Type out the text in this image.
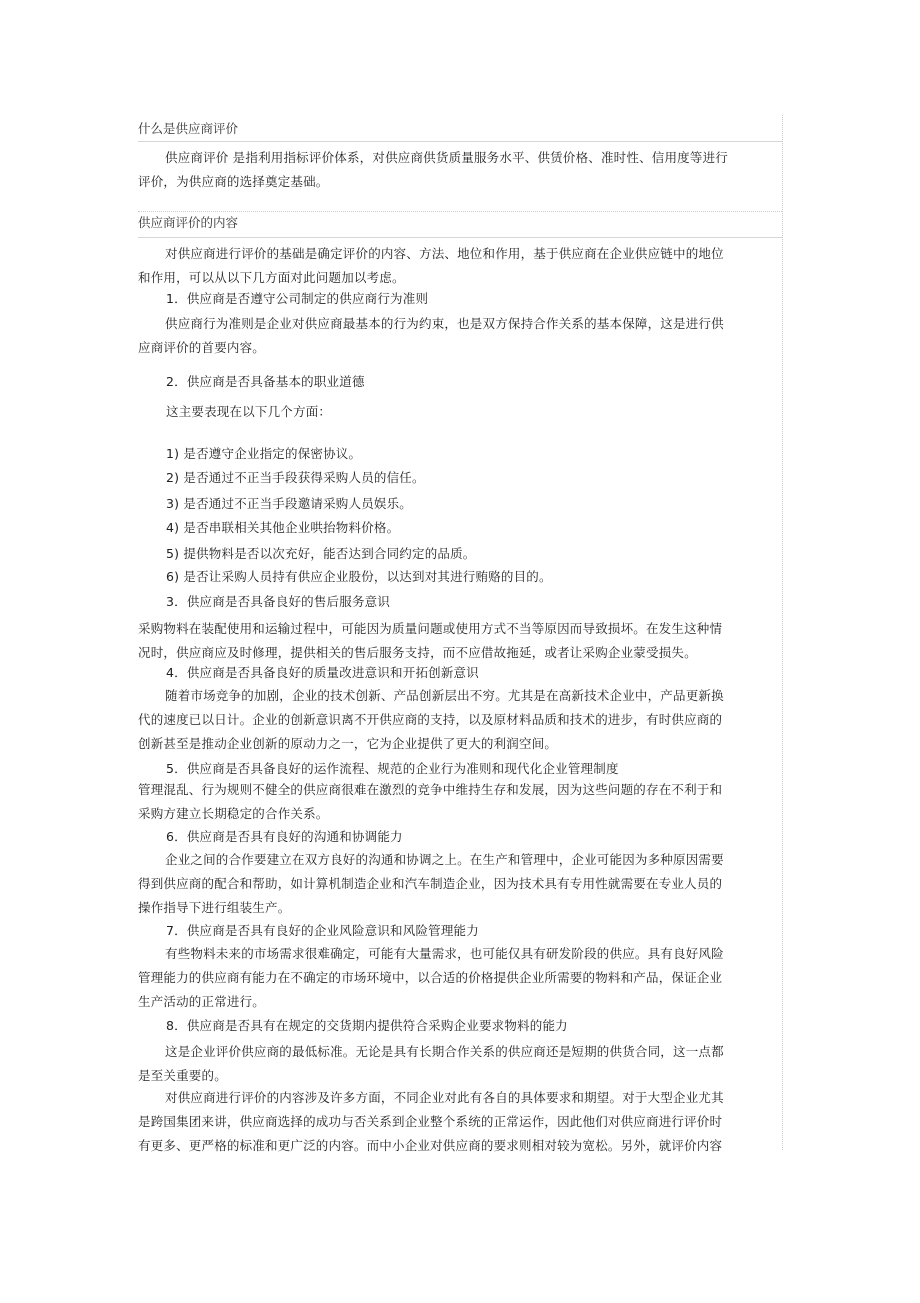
什么是供应商评价

供应商评价 是指利用指标评价体系，对供应商供货质量服务水平、供赁价格、准时性、信用度等进行评价，为供应商的选择奠定基础。

供应商评价的内容

对供应商进行评价的基础是确定评价的内容、方法、地位和作用，基于供应商在企业供应链中的地位和作用，可以从以下几方面对此问题加以考虑。

1．供应商是否遵守公司制定的供应商行为准则

供应商行为准则是企业对供应商最基本的行为约束，也是双方保持合作关系的基本保障，这是进行供应商评价的首要内容。

2．供应商是否具备基本的职业道德
这主要表现在以下几个方面：
1) 是否遵守企业指定的保密协议。
2) 是否通过不正当手段获得采购人员的信任。
3) 是否通过不正当手段邀请采购人员娱乐。
4) 是否串联相关其他企业哄抬物料价格。
5) 提供物料是否以次充好，能否达到合同约定的品质。
6) 是否让采购人员持有供应企业股份，以达到对其进行贿赂的目的。
3．供应商是否具备良好的售后服务意识

采购物料在装配使用和运输过程中，可能因为质量问题或使用方式不当等原因而导致损坏。在发生这种情况时，供应商应及时修理，提供相关的售后服务支持，而不应借故拖延，或者让采购企业蒙受损失。

4．供应商是否具备良好的质量改进意识和开拓创新意识

随着市场竞争的加剧，企业的技术创新、产品创新层出不穷。尤其是在高新技术企业中，产品更新换代的速度已以日计。企业的创新意识离不开供应商的支持，以及原材料品质和技术的进步，有时供应商的创新甚至是推动企业创新的原动力之一，它为企业提供了更大的利润空间。

5．供应商是否具备良好的运作流程、规范的企业行为准则和现代化企业管理制度

管理混乱、行为规则不健全的供应商很难在激烈的竞争中维持生存和发展，因为这些问题的存在不利于和采购方建立长期稳定的合作关系。

6．供应商是否具有良好的沟通和协调能力

企业之间的合作要建立在双方良好的沟通和协调之上。在生产和管理中，企业可能因为多种原因需要得到供应商的配合和帮助，如计算机制造企业和汽车制造企业，因为技术具有专用性就需要在专业人员的操作指导下进行组装生产。

7．供应商是否具有良好的企业风险意识和风险管理能力

有些物料未来的市场需求很难确定，可能有大量需求，也可能仅具有研发阶段的供应。具有良好风险管理能力的供应商有能力在不确定的市场环境中，以合适的价格提供企业所需要的物料和产品，保证企业生产活动的正常进行。

8．供应商是否具有在规定的交货期内提供符合采购企业要求物料的能力

这是企业评价供应商的最低标准。无论是具有长期合作关系的供应商还是短期的供货合同，这一点都是至关重要的。

对供应商进行评价的内容涉及许多方面，不同企业对此有各自的具体要求和期望。对于大型企业尤其是跨国集团来讲，供应商选择的成功与否关系到企业整个系统的正常运作，因此他们对供应商进行评价时有更多、更严格的标准和更广泛的内容。而中小企业对供应商的要求则相对较为宽松。另外，就评价内容
